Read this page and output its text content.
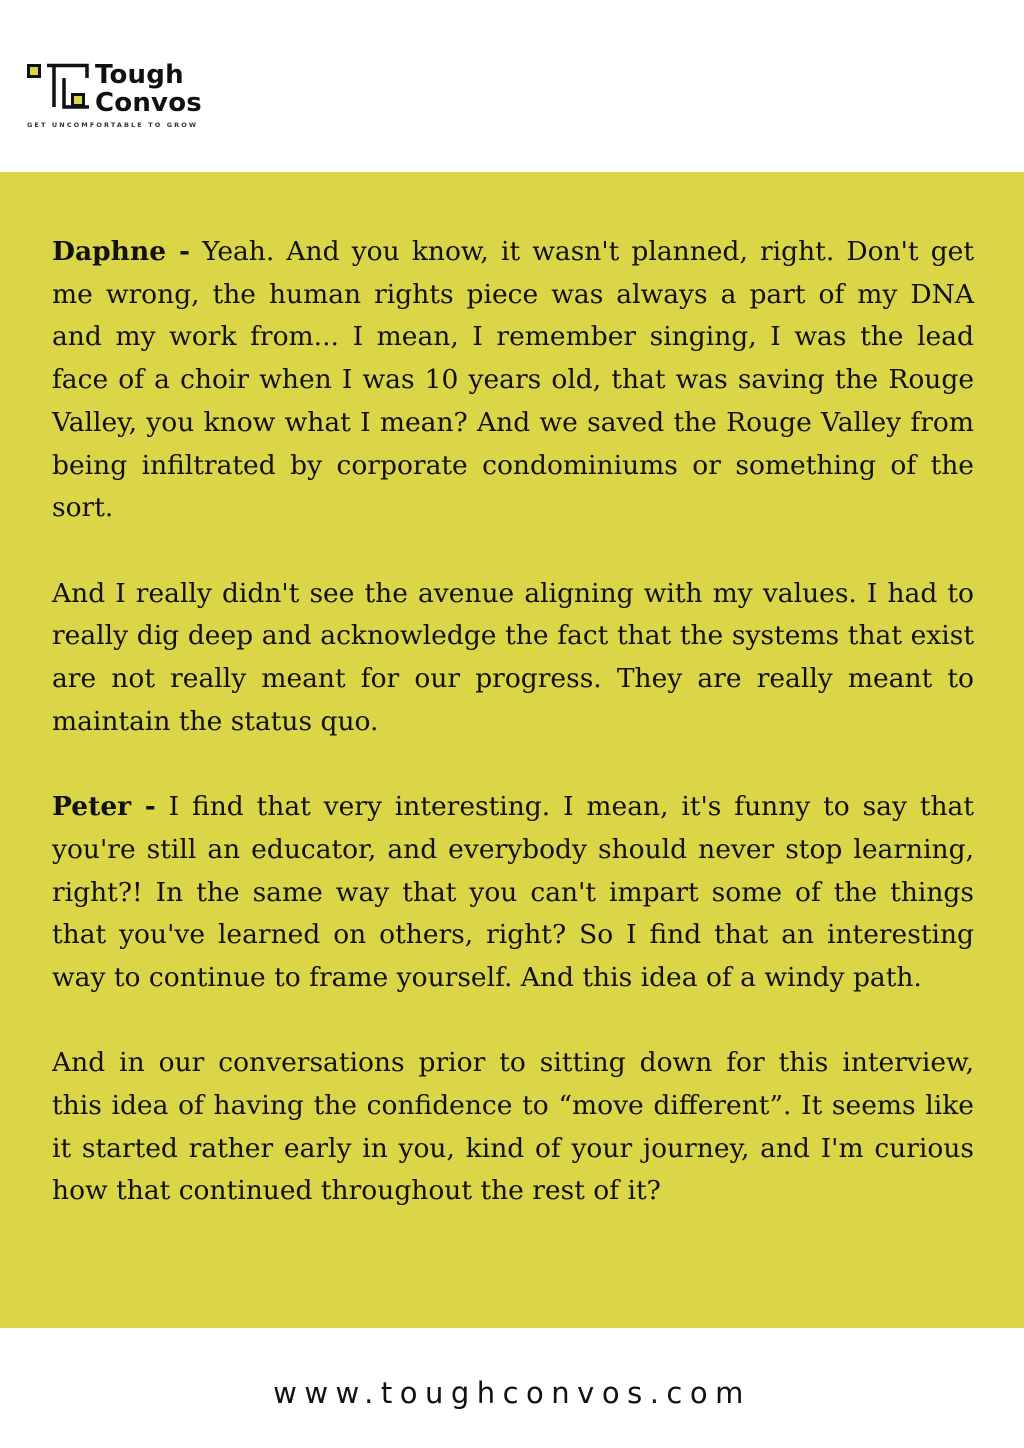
Tough
Convos
GET UNCOMFORTABLE TO GROW

Daphne - Yeah. And you know, it wasn't planned, right. Don't get me wrong, the human rights piece was always a part of my DNA and my work from... I mean, I remember singing, I was the lead face of a choir when I was 10 years old, that was saving the Rouge Valley, you know what I mean? And we saved the Rouge Valley from being infiltrated by corporate condominiums or something of the sort.

And I really didn't see the avenue aligning with my values. I had to really dig deep and acknowledge the fact that the systems that exist are not really meant for our progress. They are really meant to maintain the status quo.

Peter - I find that very interesting. I mean, it's funny to say that you're still an educator, and everybody should never stop learning, right?! In the same way that you can't impart some of the things that you've learned on others, right? So I find that an interesting way to continue to frame yourself. And this idea of a windy path.

And in our conversations prior to sitting down for this interview, this idea of having the confidence to “move different”. It seems like it started rather early in you, kind of your journey, and I'm curious how that continued throughout the rest of it?

www.toughconvos.com
